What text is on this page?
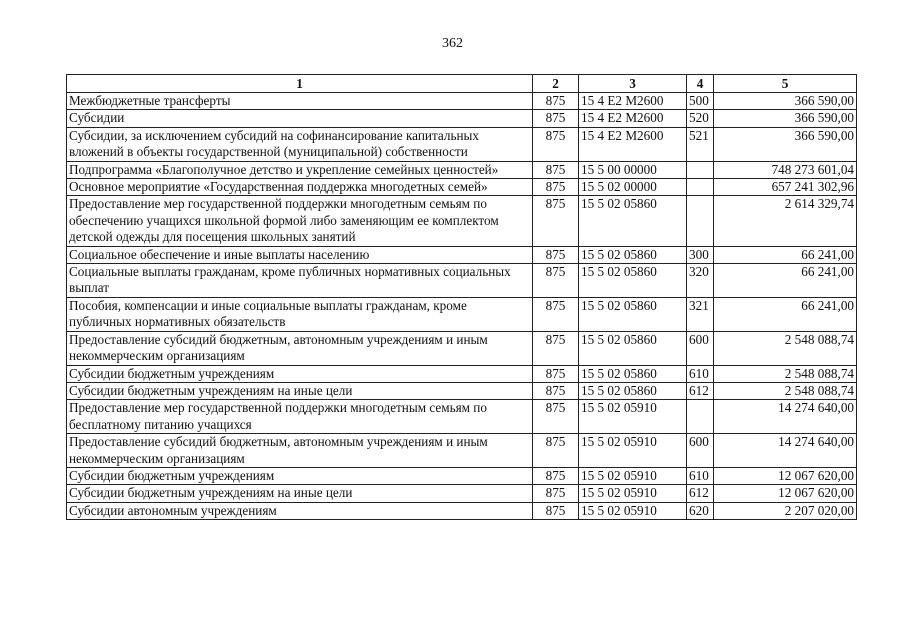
362
1	2	3	4	5
Межбюджетные трансферты	875	15 4 Е2 М2600	500	366 590,00
Субсидии	875	15 4 Е2 М2600	520	366 590,00
Субсидии, за исключением субсидий на софинансирование капитальных вложений в объекты государственной (муниципальной) собственности	875	15 4 Е2 М2600	521	366 590,00
Подпрограмма «Благополучное детство и укрепление семейных ценностей»	875	15 5 00 00000		748 273 601,04
Основное мероприятие «Государственная поддержка многодетных семей»	875	15 5 02 00000		657 241 302,96
Предоставление мер государственной поддержки многодетным семьям по обеспечению учащихся школьной формой либо заменяющим ее комплектом детской одежды для посещения школьных занятий	875	15 5 02 05860		2 614 329,74
Социальное обеспечение и иные выплаты населению	875	15 5 02 05860	300	66 241,00
Социальные выплаты гражданам, кроме публичных нормативных социальных выплат	875	15 5 02 05860	320	66 241,00
Пособия, компенсации и иные социальные выплаты гражданам, кроме публичных нормативных обязательств	875	15 5 02 05860	321	66 241,00
Предоставление субсидий бюджетным, автономным учреждениям и иным некоммерческим организациям	875	15 5 02 05860	600	2 548 088,74
Субсидии бюджетным учреждениям	875	15 5 02 05860	610	2 548 088,74
Субсидии бюджетным учреждениям на иные цели	875	15 5 02 05860	612	2 548 088,74
Предоставление мер государственной поддержки многодетным семьям по бесплатному питанию учащихся	875	15 5 02 05910		14 274 640,00
Предоставление субсидий бюджетным, автономным учреждениям и иным некоммерческим организациям	875	15 5 02 05910	600	14 274 640,00
Субсидии бюджетным учреждениям	875	15 5 02 05910	610	12 067 620,00
Субсидии бюджетным учреждениям на иные цели	875	15 5 02 05910	612	12 067 620,00
Субсидии автономным учреждениям	875	15 5 02 05910	620	2 207 020,00
